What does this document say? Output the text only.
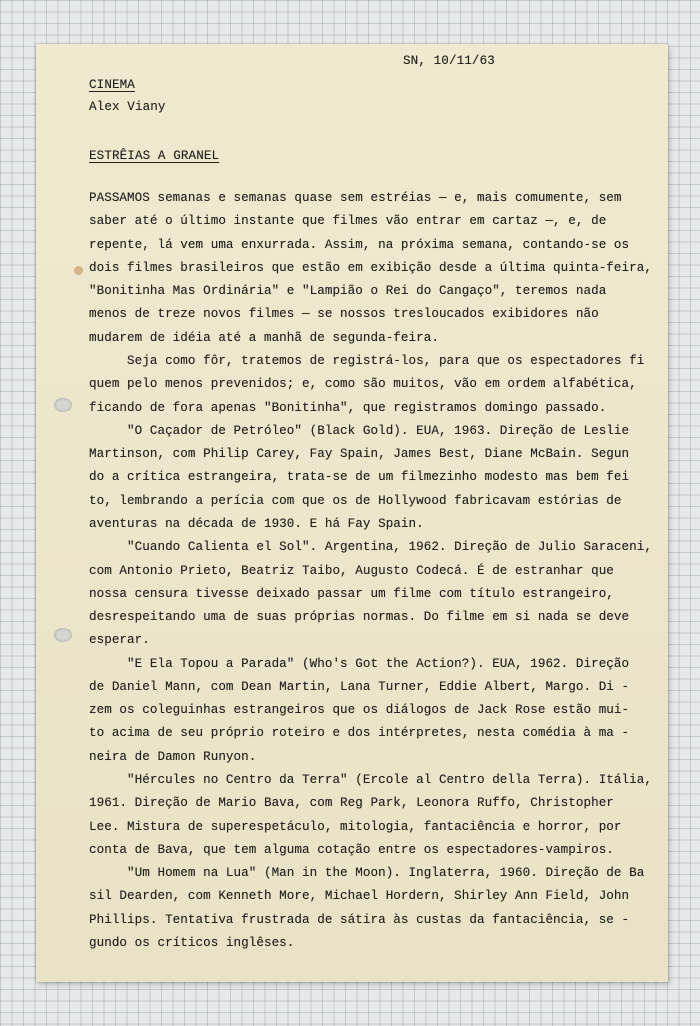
SN, 10/11/63
CINEMA
Alex Viany
ESTRÊIAS A GRANEL
PASSAMOS semanas e semanas quase sem estréias — e, mais comumente, sem
saber até o último instante que filmes vão entrar em cartaz —, e, de
repente, lá vem uma enxurrada. Assim, na próxima semana, contando-se os
dois filmes brasileiros que estão em exibição desde a última quinta-feira,
"Bonitinha Mas Ordinária" e "Lampião o Rei do Cangaço", teremos nada
menos de treze novos filmes — se nossos tresloucados exibidores não
mudarem de idéia até a manhã de segunda-feira.
Seja como fôr, tratemos de registrá-los, para que os espectadores fi
quem pelo menos prevenidos; e, como são muitos, vão em ordem alfabética,
ficando de fora apenas "Bonitinha", que registramos domingo passado.
"O Caçador de Petróleo" (Black Gold). EUA, 1963. Direção de Leslie
Martinson, com Philip Carey, Fay Spain, James Best, Diane McBain. Segun
do a crítica estrangeira, trata-se de um filmezinho modesto mas bem fei
to, lembrando a perícia com que os de Hollywood fabricavam estórias de
aventuras na década de 1930. E há Fay Spain.
"Cuando Calienta el Sol". Argentina, 1962. Direção de Julio Saraceni,
com Antonio Prieto, Beatriz Taibo, Augusto Codecá. É de estranhar que
nossa censura tivesse deixado passar um filme com título estrangeiro,
desrespeitando uma de suas próprias normas. Do filme em si nada se deve
esperar.
"E Ela Topou a Parada" (Who's Got the Action?). EUA, 1962. Direção
de Daniel Mann, com Dean Martin, Lana Turner, Eddie Albert, Margo. Di -
zem os coleguinhas estrangeiros que os diálogos de Jack Rose estão mui-
to acima de seu próprio roteiro e dos intérpretes, nesta comédia à ma -
neira de Damon Runyon.
"Hércules no Centro da Terra" (Ercole al Centro della Terra). Itália,
1961. Direção de Mario Bava, com Reg Park, Leonora Ruffo, Christopher
Lee. Mistura de superespetáculo, mitologia, fantaciência e horror, por
conta de Bava, que tem alguma cotação entre os espectadores-vampiros.
"Um Homem na Lua" (Man in the Moon). Inglaterra, 1960. Direção de Ba
sil Dearden, com Kenneth More, Michael Hordern, Shirley Ann Field, John
Phillips. Tentativa frustrada de sátira às custas da fantaciência, se -
gundo os críticos inglêses.
